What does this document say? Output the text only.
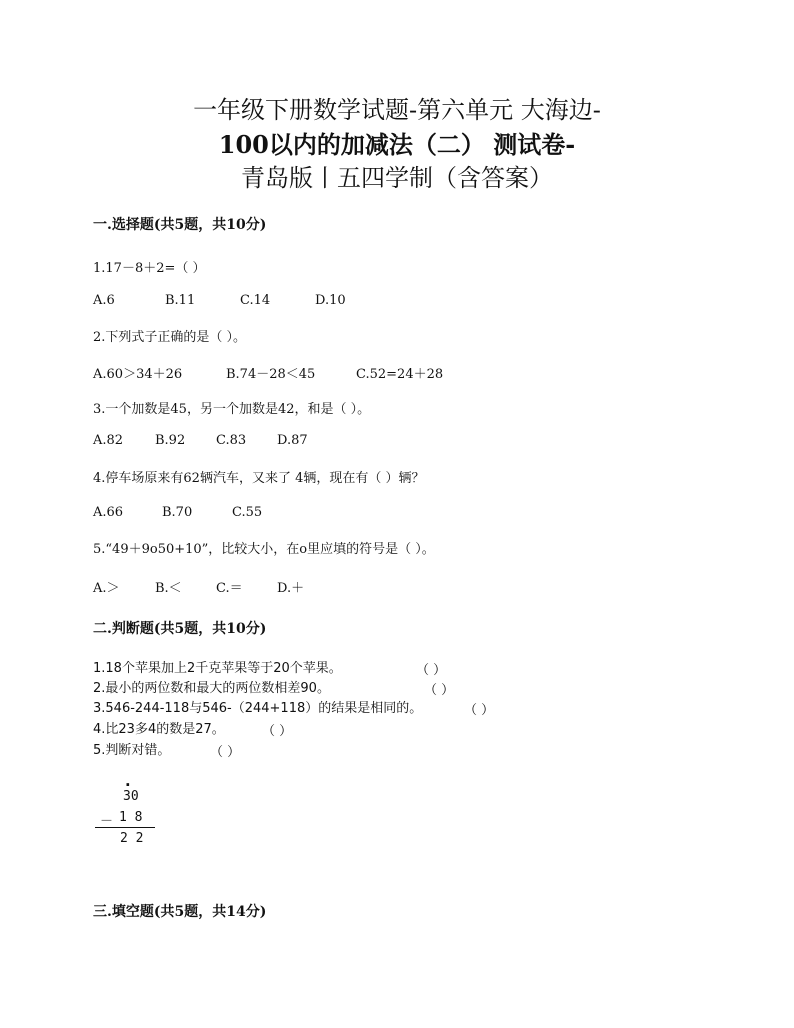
一年级下册数学试题-第六单元 大海边-
100以内的加减法（二） 测试卷-
青岛版丨五四学制（含答案）
一.选择题(共5题，共10分)
1.17－8＋2=（ ）
A.6	B.11	C.14	D.10
2.下列式子正确的是（ ）。
A.60＞34＋26	B.74－28＜45	C.52=24＋28
3.一个加数是45，另一个加数是42，和是（ ）。
A.82 B.92 C.83 D.87
4.停车场原来有62辆汽车，又来了 4辆，现在有（ ）辆？
A.66	B.70	C.55
5.“49＋9o50+10”，比较大小，在o里应填的符号是（ ）。
A.＞	B.＜	C.＝	D.＋
二.判断题(共5题，共10分)
1.18个苹果加上2千克苹果等于20个苹果。	（ ）
2.最小的两位数和最大的两位数相差90。	（ ）
3.546-244-118与546-（244+118）的结果是相同的。	（ ）
4.比23多4的数是27。	（ ）
5.判断对错。	（ ）
·
30
－ 1 8
2 2
三.填空题(共5题，共14分)
